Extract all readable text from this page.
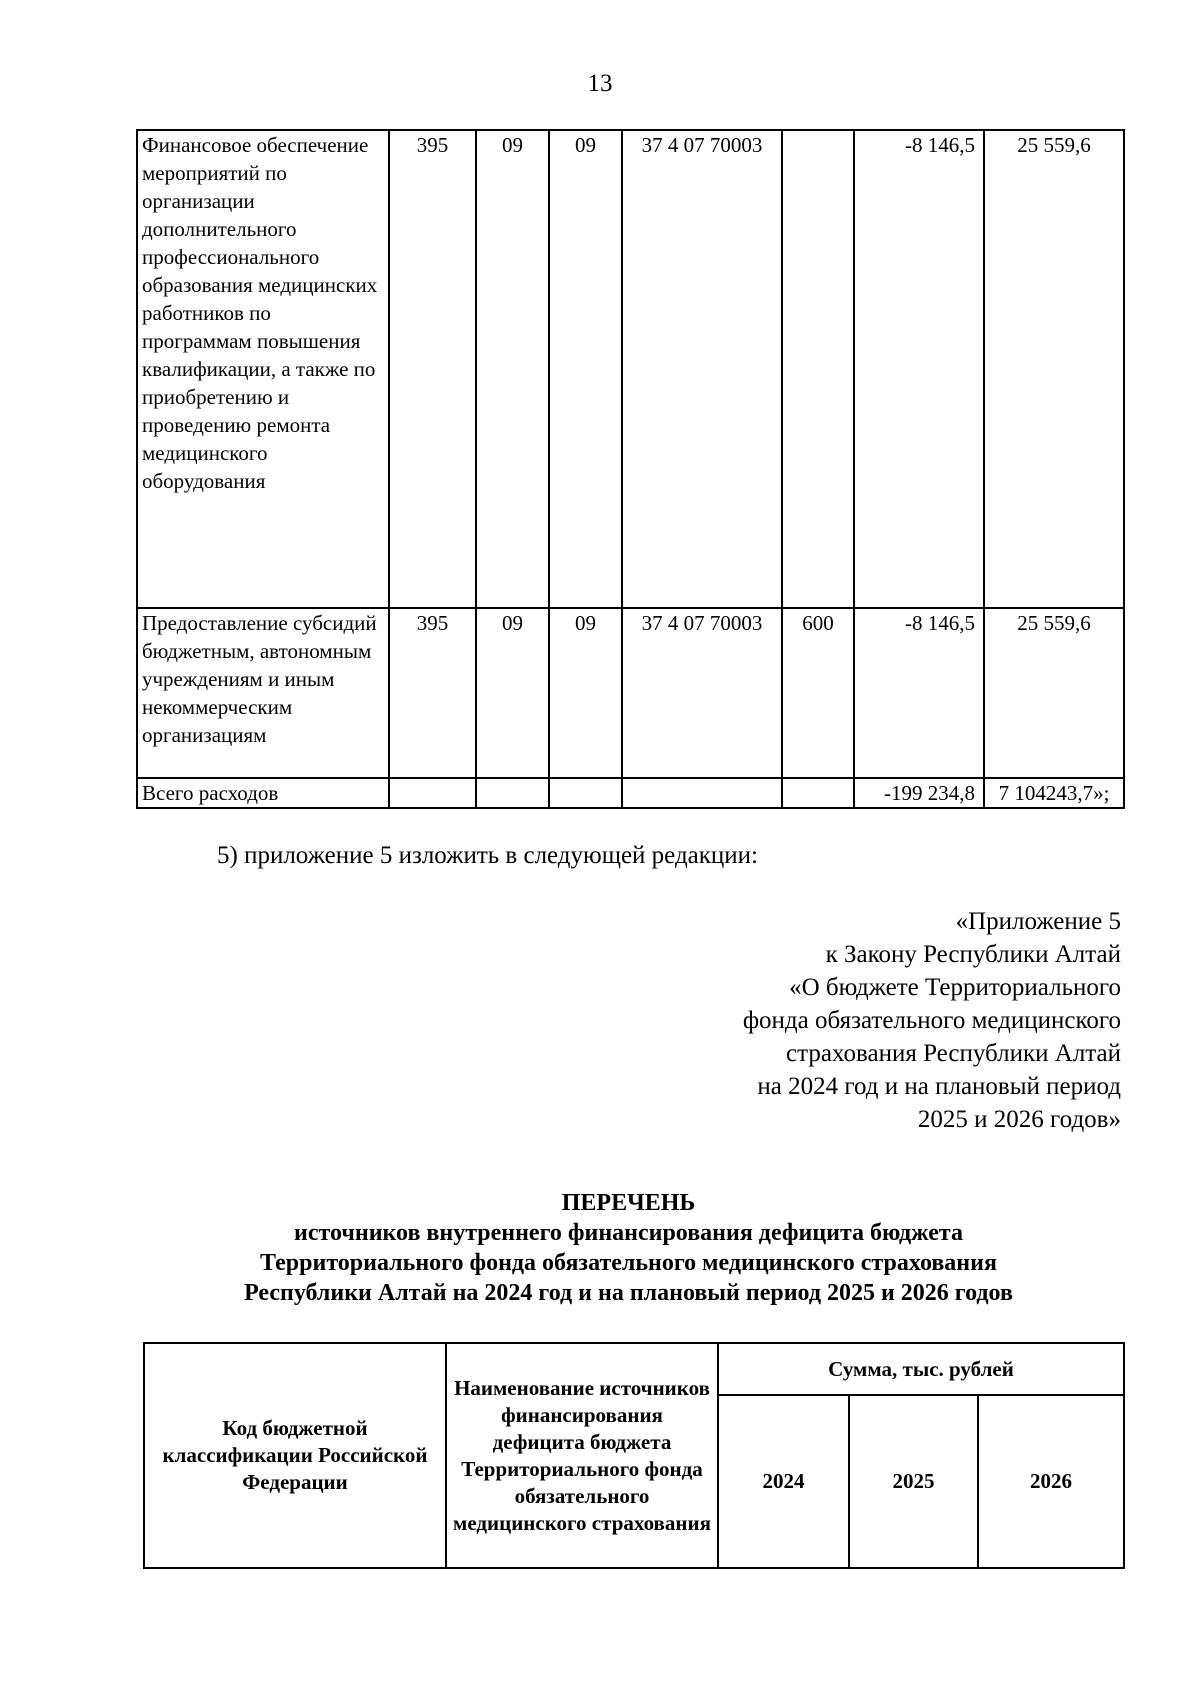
13
Финансовое обеспечение мероприятий по организации дополнительного профессионального образования медицинских работников по программам повышения квалификации, а также по приобретению и проведению ремонта медицинского оборудования	395	09	09	37 4 07 70003		-8 146,5	25 559,6
Предоставление субсидий бюджетным, автономным учреждениям и иным некоммерческим организациям	395	09	09	37 4 07 70003	600	-8 146,5	25 559,6
Всего расходов						-199 234,8	7 104243,7»;
5) приложение 5 изложить в следующей редакции:
«Приложение 5
к Закону Республики Алтай
«О бюджете Территориального
фонда обязательного медицинского
страхования Республики Алтай
на 2024 год и на плановый период
2025 и 2026 годов»
ПЕРЕЧЕНЬ
источников внутреннего финансирования дефицита бюджета
Территориального фонда обязательного медицинского страхования
Республики Алтай на 2024 год и на плановый период 2025 и 2026 годов
Код бюджетной классификации Российской Федерации	Наименование источников финансирования дефицита бюджета Территориального фонда обязательного медицинского страхования	Сумма, тыс. рублей		
		2024	2025	2026
